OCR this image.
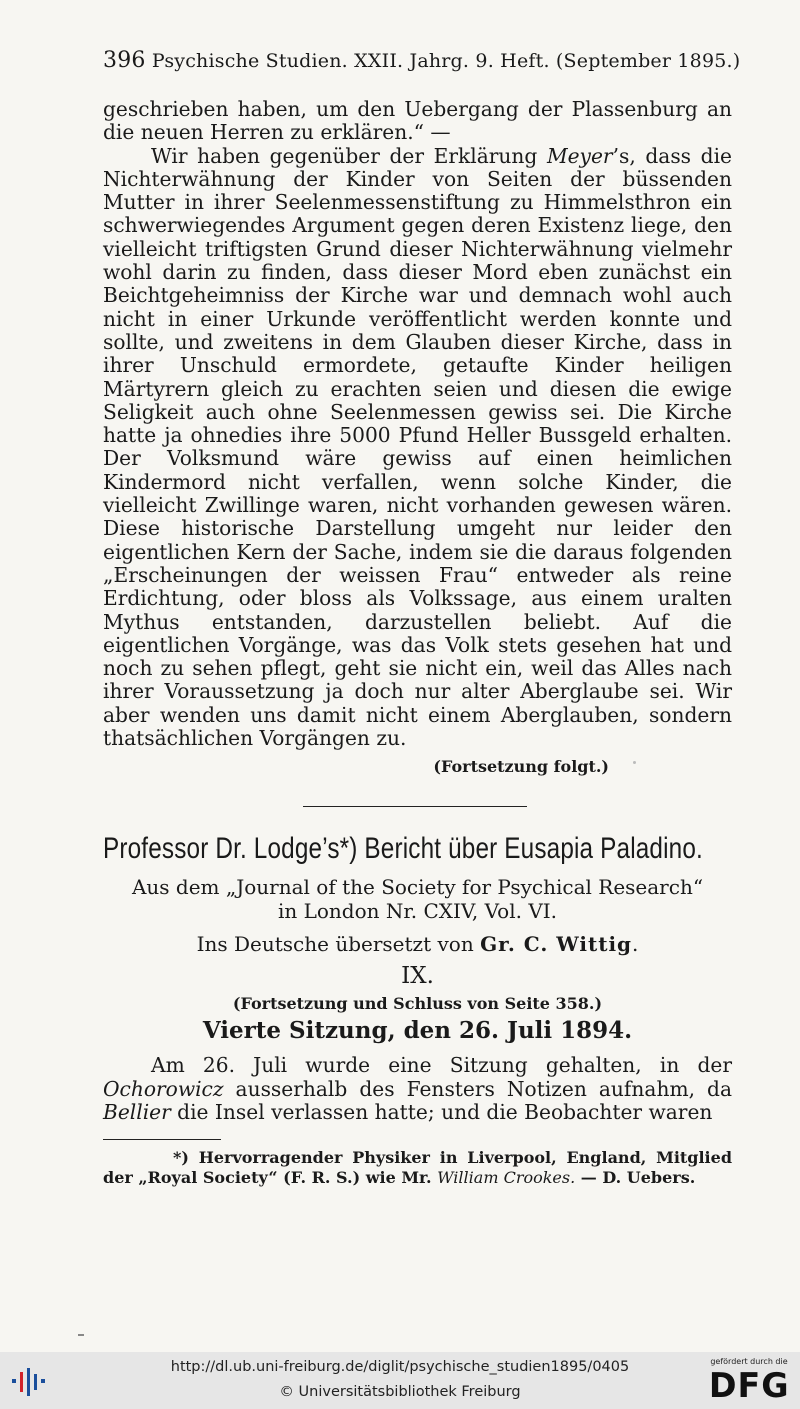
396 Psychische Studien. XXII. Jahrg. 9. Heft. (September 1895.)
geschrieben haben, um den Uebergang der Plassenburg an die neuen Herren zu erklären.“ —
Wir haben gegenüber der Erklärung Meyer’s, dass die Nichterwähnung der Kinder von Seiten der büssenden Mutter in ihrer Seelenmessenstiftung zu Himmelsthron ein schwerwiegendes Argument gegen deren Existenz liege, den vielleicht triftigsten Grund dieser Nichterwähnung vielmehr wohl darin zu finden, dass dieser Mord eben zunächst ein Beichtgeheimniss der Kirche war und demnach wohl auch nicht in einer Urkunde veröffentlicht werden konnte und sollte, und zweitens in dem Glauben dieser Kirche, dass in ihrer Unschuld ermordete, getaufte Kinder heiligen Märtyrern gleich zu erachten seien und diesen die ewige Seligkeit auch ohne Seelenmessen gewiss sei. Die Kirche hatte ja ohnedies ihre 5000 Pfund Heller Bussgeld erhalten. Der Volksmund wäre gewiss auf einen heimlichen Kindermord nicht verfallen, wenn solche Kinder, die vielleicht Zwillinge waren, nicht vorhanden gewesen wären. Diese historische Darstellung umgeht nur leider den eigentlichen Kern der Sache, indem sie die daraus folgenden „Erscheinungen der weissen Frau“ entweder als reine Erdichtung, oder bloss als Volkssage, aus einem uralten Mythus entstanden, darzustellen beliebt. Auf die eigentlichen Vorgänge, was das Volk stets gesehen hat und noch zu sehen pflegt, geht sie nicht ein, weil das Alles nach ihrer Voraussetzung ja doch nur alter Aberglaube sei. Wir aber wenden uns damit nicht einem Aberglauben, sondern thatsächlichen Vorgängen zu.
(Fortsetzung folgt.)
Professor Dr. Lodge’s*) Bericht über Eusapia Paladino.
Aus dem „Journal of the Society for Psychical Research“
in London Nr. CXIV, Vol. VI.
Ins Deutsche übersetzt von Gr. C. Wittig.
IX.
(Fortsetzung und Schluss von Seite 358.)
Vierte Sitzung, den 26. Juli 1894.
Am 26. Juli wurde eine Sitzung gehalten, in der Ochorowicz ausserhalb des Fensters Notizen aufnahm, da Bellier die Insel verlassen hatte; und die Beobachter waren
*) Hervorragender Physiker in Liverpool, England, Mitglied der „Royal Society“ (F. R. S.) wie Mr. William Crookes. — D. Uebers.
http://dl.ub.uni-freiburg.de/diglit/psychische_studien1895/0405
© Universitätsbibliothek Freiburg
gefördert durch die
DFG
